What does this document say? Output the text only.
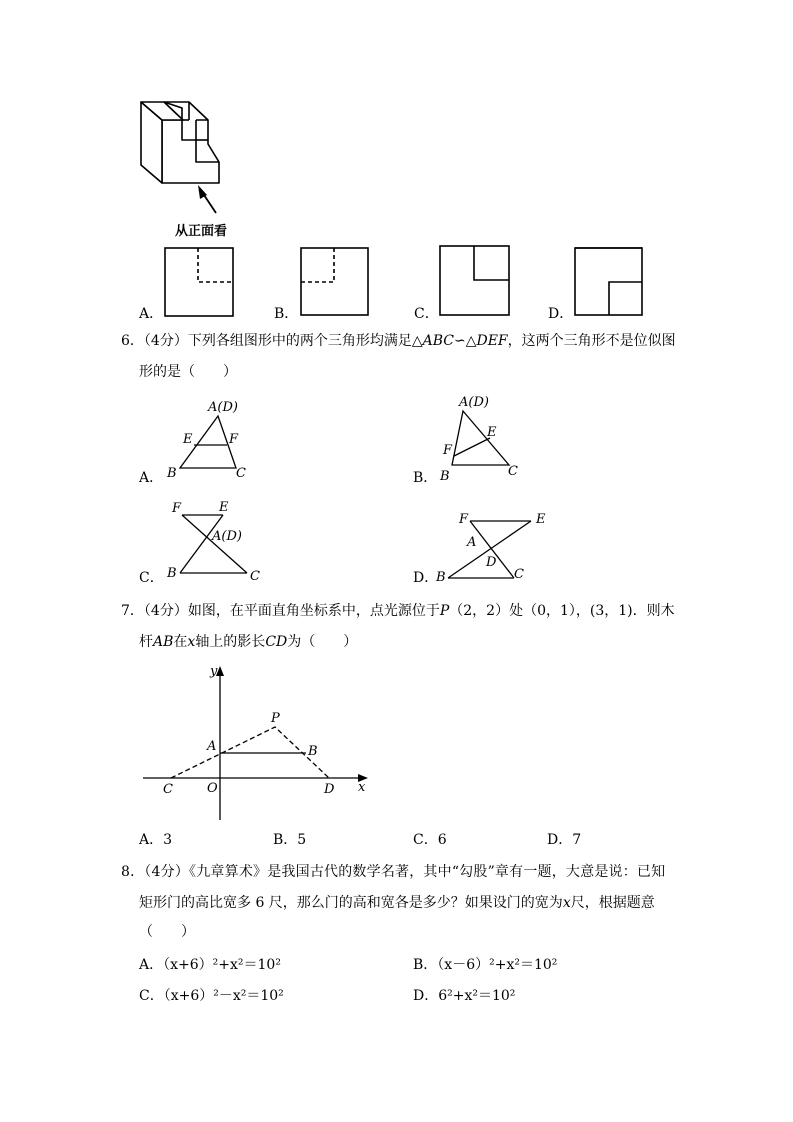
从正面看
A．	B．	C．	D．
6．（4分）下列各组图形中的两个三角形均满足△ABC∽△DEF，这两个三角形不是位似图
形的是（　　）
A(D)
E	F
B	C
A．
A(D)
E
F
B	C
B．
F	E
A(D)
B	C
C．
F	E
A
D
B	C
D．
7．（4分）如图，在平面直角坐标系中，点光源位于P（2，2）处（0，1），(3，1)．则木
杆AB在x轴上的影长CD为（　　）
y
x
P
A	B
C	O	D
A．3	B．5	C．6	D．7
8．（4分）《九章算术》是我国古代的数学名著，其中“勾股”章有一题，大意是说：已知
矩形门的高比宽多 6 尺，那么门的高和宽各是多少？如果设门的宽为x尺，根据题意
（　　）
A．（x+6）²+x²＝10²	B．（x－6）²+x²＝10²
C．（x+6）²－x²＝10²	D．6²+x²＝10²
